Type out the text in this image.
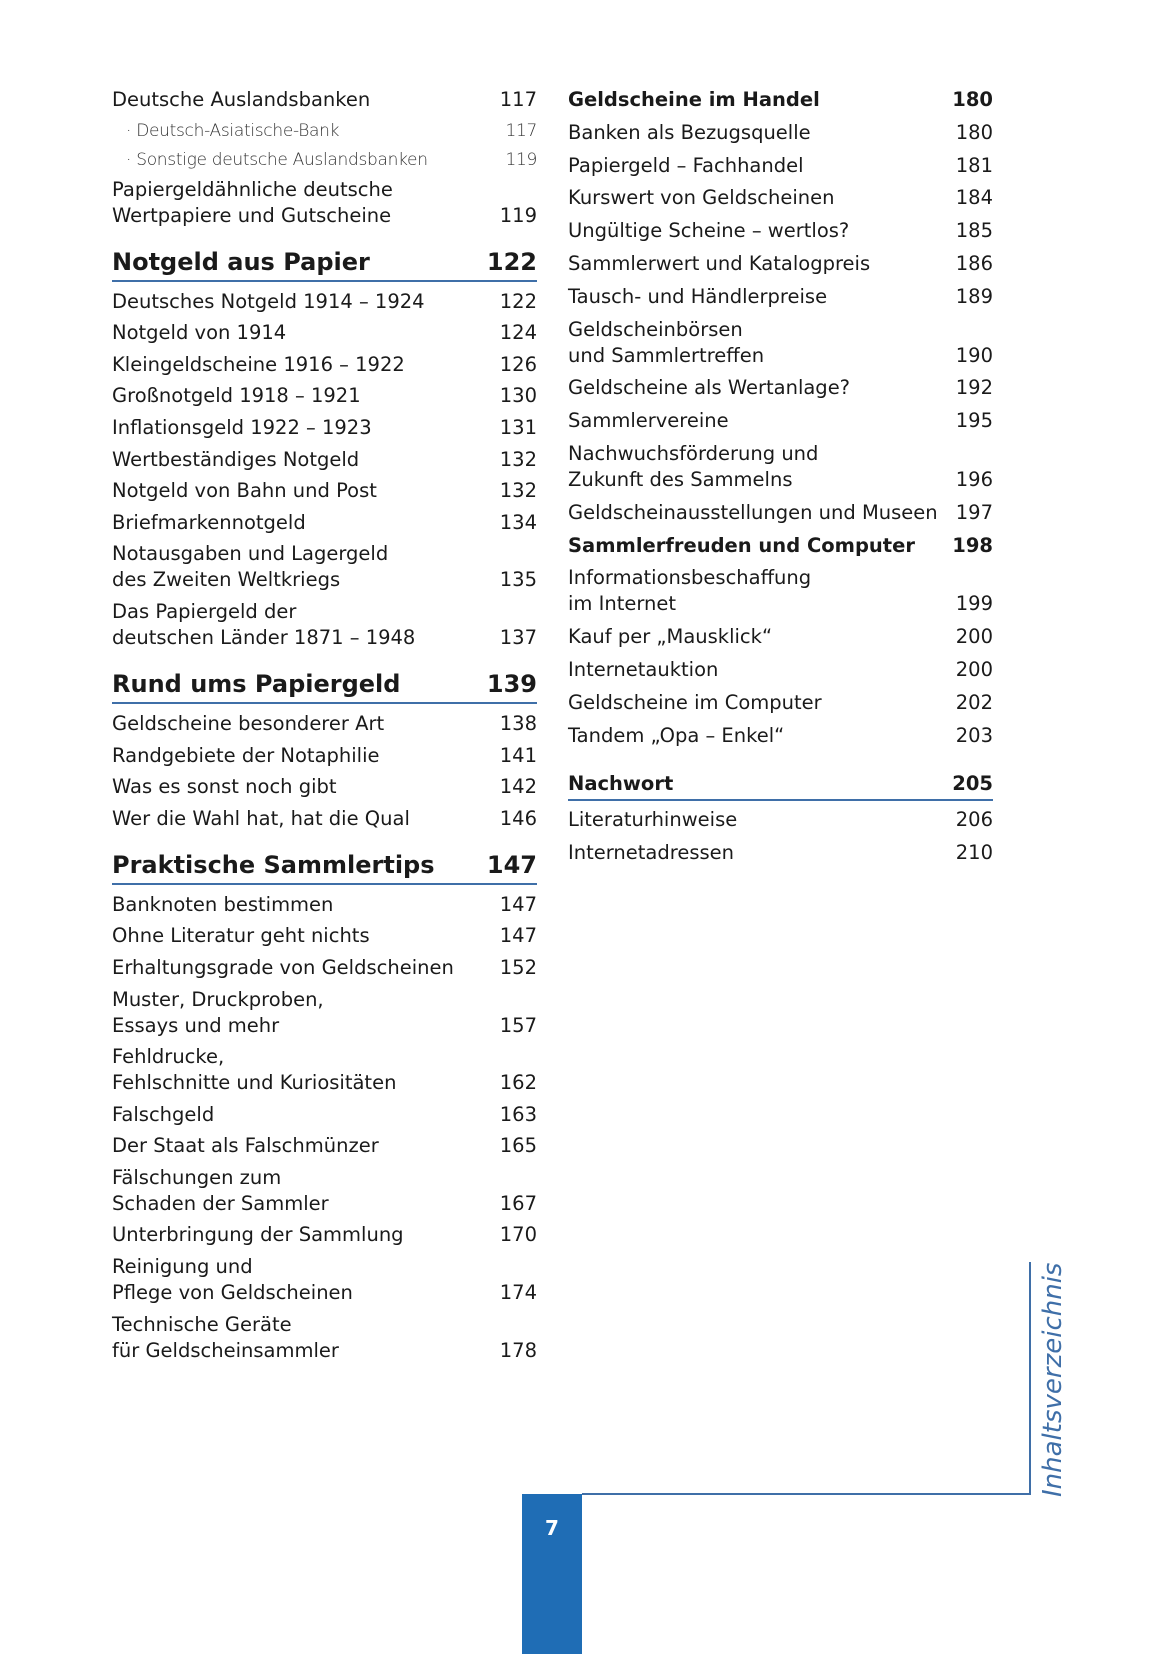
Deutsche Auslandsbanken	117
· Deutsch-Asiatische-Bank	117
· Sonstige deutsche Auslandsbanken	119
Papiergeldähnliche deutsche
Wertpapiere und Gutscheine	119
Notgeld aus Papier	122
Deutsches Notgeld 1914 – 1924	122
Notgeld von 1914	124
Kleingeldscheine 1916 – 1922	126
Großnotgeld 1918 – 1921	130
Inflationsgeld 1922 – 1923	131
Wertbeständiges Notgeld	132
Notgeld von Bahn und Post	132
Briefmarkennotgeld	134
Notausgaben und Lagergeld
des Zweiten Weltkriegs	135
Das Papiergeld der
deutschen Länder 1871 – 1948	137
Rund ums Papiergeld	139
Geldscheine besonderer Art	138
Randgebiete der Notaphilie	141
Was es sonst noch gibt	142
Wer die Wahl hat, hat die Qual	146
Praktische Sammlertips 147
Banknoten bestimmen	147
Ohne Literatur geht nichts	147
Erhaltungsgrade von Geldscheinen 152
Muster, Druckproben,
Essays und mehr	157
Fehldrucke,
Fehlschnitte und Kuriositäten	162
Falschgeld	163
Der Staat als Falschmünzer	165
Fälschungen zum
Schaden der Sammler	167
Unterbringung der Sammlung	170
Reinigung und
Pflege von Geldscheinen	174
Technische Geräte
für Geldscheinsammler	178
Geldscheine im Handel	180
Banken als Bezugsquelle	180
Papiergeld – Fachhandel	181
Kurswert von Geldscheinen	184
Ungültige Scheine – wertlos?	185
Sammlerwert und Katalogpreis	186
Tausch- und Händlerpreise	189
Geldscheinbörsen
und Sammlertreffen	190
Geldscheine als Wertanlage?	192
Sammlervereine	195
Nachwuchsförderung und
Zukunft des Sammelns	196
Geldscheinausstellungen und Museen 197
Sammlerfreuden und Computer 198
Informationsbeschaffung
im Internet	199
Kauf per „Mausklick“	200
Internetauktion	200
Geldscheine im Computer	202
Tandem „Opa – Enkel“	203
Nachwort	205
Literaturhinweise	206
Internetadressen	210
Inhaltsverzeichnis
7
